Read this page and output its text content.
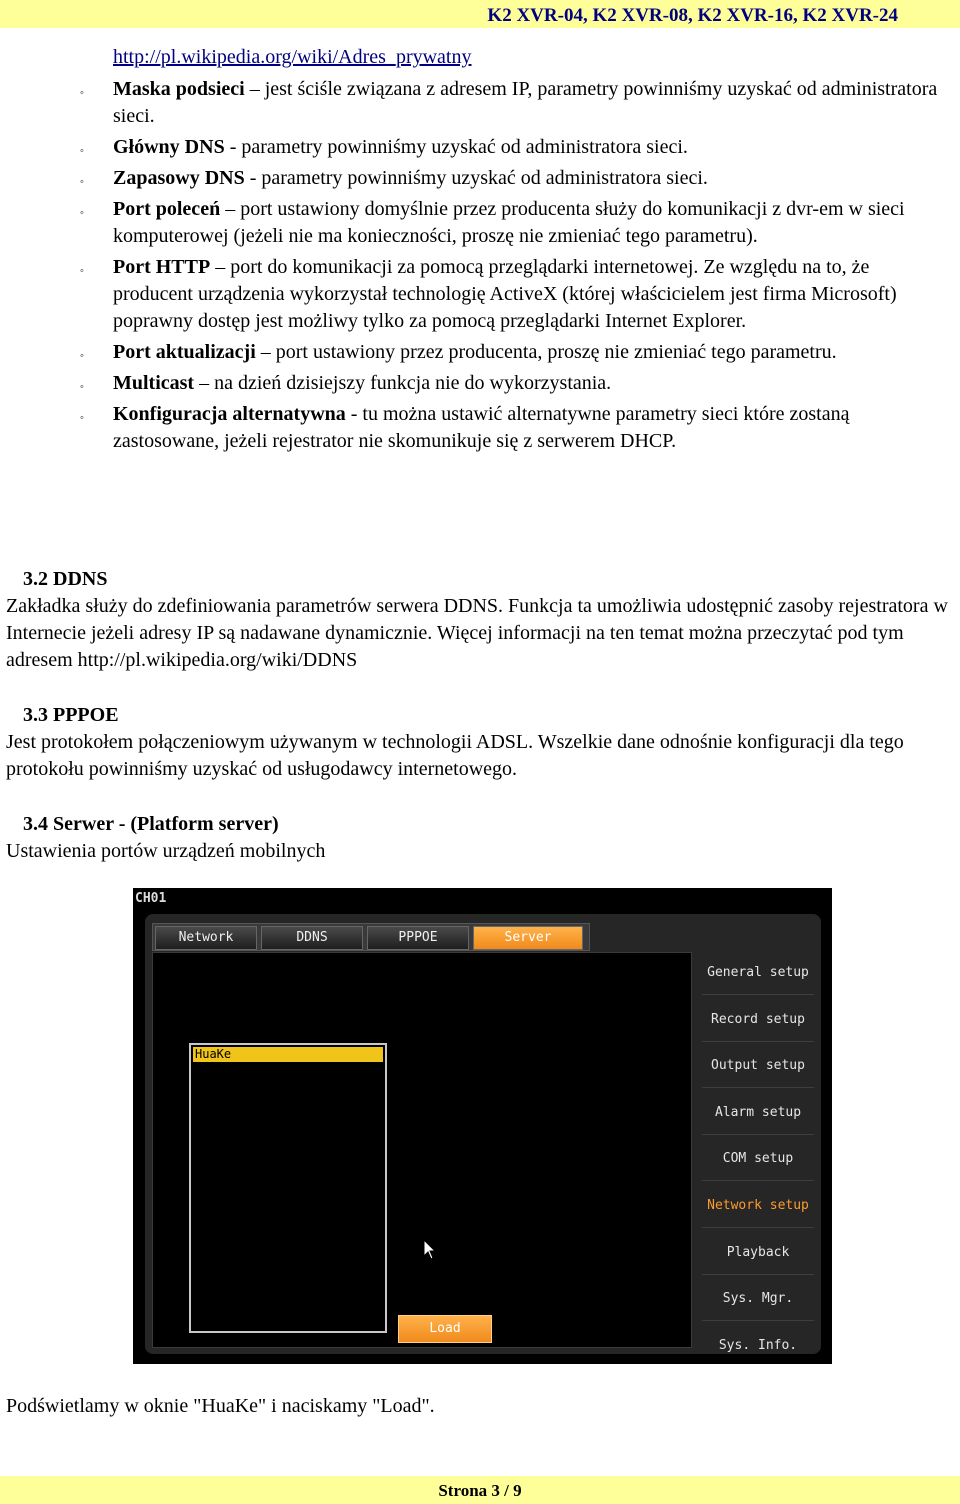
K2 XVR-04, K2 XVR-08, K2 XVR-16, K2 XVR-24
http://pl.wikipedia.org/wiki/Adres_prywatny
◦ Maska podsieci – jest ściśle związana z adresem IP, parametry powinniśmy uzyskać od administratora sieci.
◦ Główny DNS - parametry powinniśmy uzyskać od administratora sieci.
◦ Zapasowy DNS - parametry powinniśmy uzyskać od administratora sieci.
◦ Port poleceń – port ustawiony domyślnie przez producenta służy do komunikacji z dvr-em w sieci komputerowej (jeżeli nie ma konieczności, proszę nie zmieniać tego parametru).
◦ Port HTTP – port do komunikacji za pomocą przeglądarki internetowej. Ze względu na to, że producent urządzenia wykorzystał technologię ActiveX (której właścicielem jest firma Microsoft) poprawny dostęp jest możliwy tylko za pomocą przeglądarki Internet Explorer.
◦ Port aktualizacji – port ustawiony przez producenta, proszę nie zmieniać tego parametru.
◦ Multicast – na dzień dzisiejszy funkcja nie do wykorzystania.
◦ Konfiguracja alternatywna - tu można ustawić alternatywne parametry sieci które zostaną zastosowane, jeżeli rejestrator nie skomunikuje się z serwerem DHCP.
3.2 DDNS
Zakładka służy do zdefiniowania parametrów serwera DDNS. Funkcja ta umożliwia udostępnić zasoby rejestratora w Internecie jeżeli adresy IP są nadawane dynamicznie. Więcej informacji na ten temat można przeczytać pod tym adresem http://pl.wikipedia.org/wiki/DDNS
3.3 PPPOE
Jest protokołem połączeniowym używanym w technologii ADSL. Wszelkie dane odnośnie konfiguracji dla tego protokołu powinniśmy uzyskać od usługodawcy internetowego.
3.4 Serwer - (Platform server)
Ustawienia portów urządzeń mobilnych
CH01
Network	DDNS	PPPOE	Server
HuaKe
Load
General setup
Record setup
Output setup
Alarm setup
COM setup
Network setup
Playback
Sys. Mgr.
Sys. Info.
Podświetlamy w oknie "HuaKe" i naciskamy "Load".
Strona 3 / 9
